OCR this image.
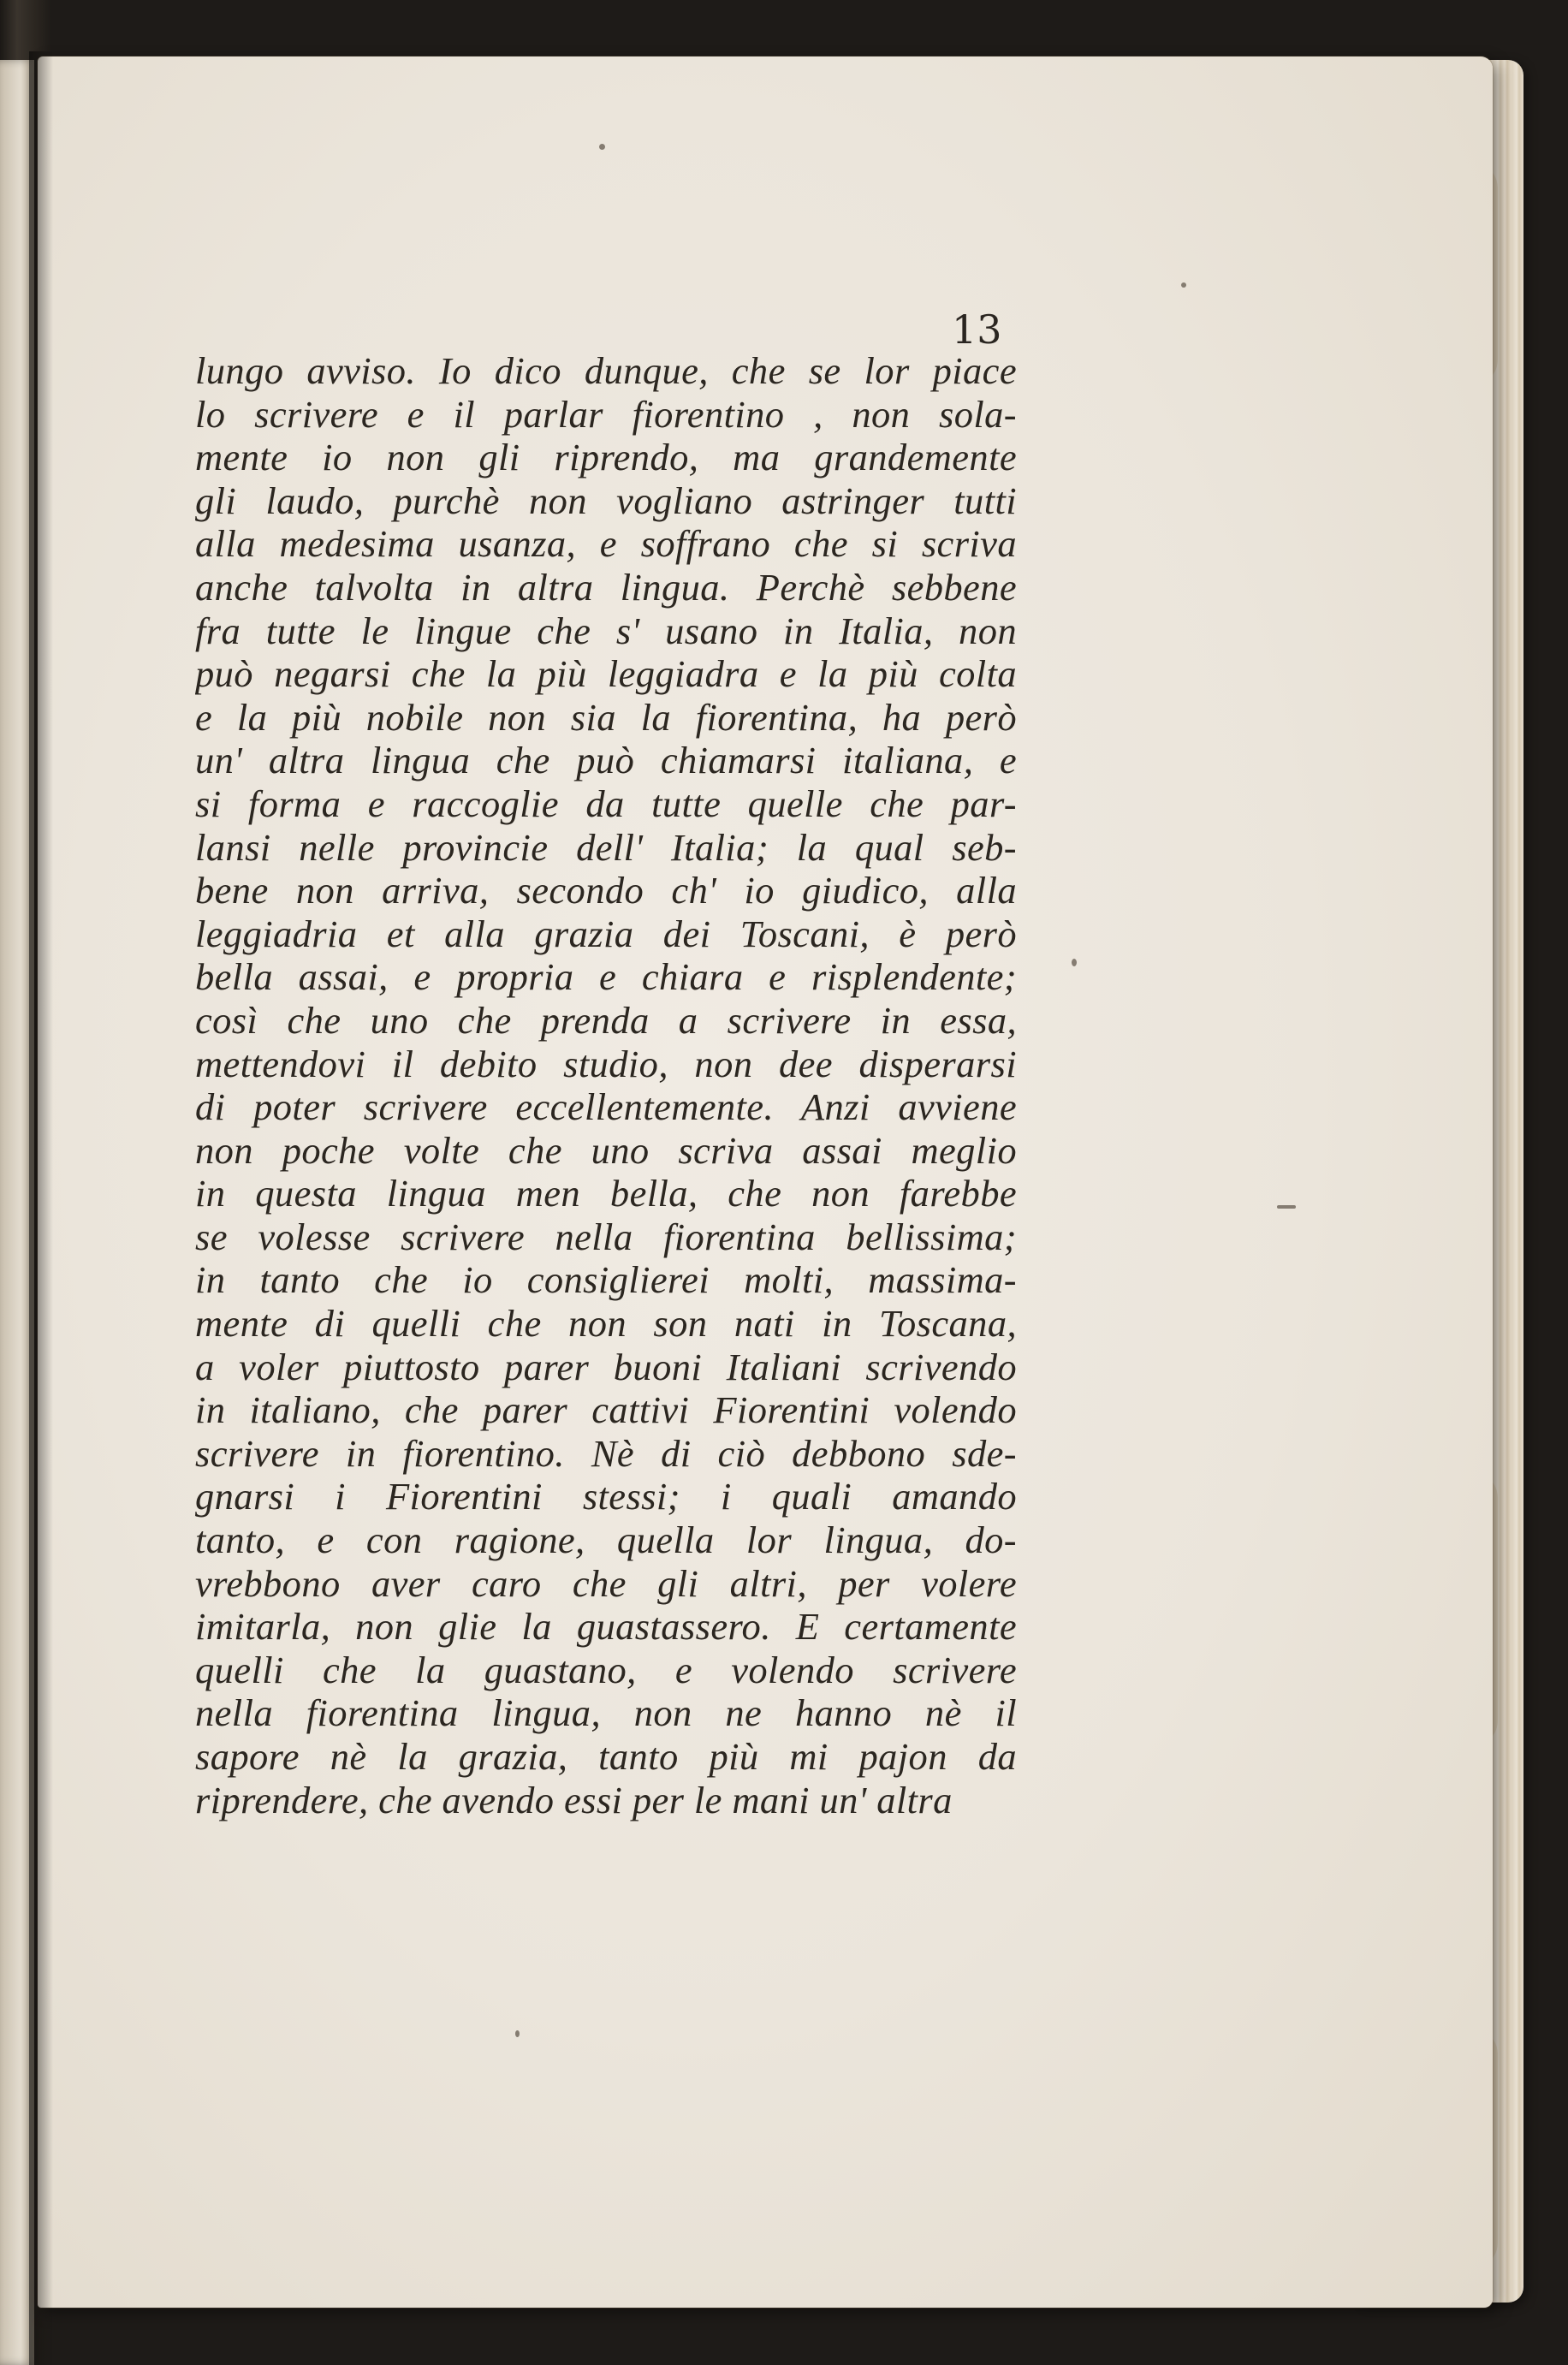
13
lungo avviso. Io dico dunque, che se lor piace
lo scrivere e il parlar fiorentino , non sola-
mente io non gli riprendo, ma grandemente
gli laudo, purchè non vogliano astringer tutti
alla medesima usanza, e soffrano che si scriva
anche talvolta in altra lingua. Perchè sebbene
fra tutte le lingue che s' usano in Italia, non
può negarsi che la più leggiadra e la più colta
e la più nobile non sia la fiorentina, ha però
un' altra lingua che può chiamarsi italiana, e
si forma e raccoglie da tutte quelle che par-
lansi nelle provincie dell' Italia; la qual seb-
bene non arriva, secondo ch' io giudico, alla
leggiadria et alla grazia dei Toscani, è però
bella assai, e propria e chiara e risplendente;
così che uno che prenda a scrivere in essa,
mettendovi il debito studio, non dee disperarsi
di poter scrivere eccellentemente. Anzi avviene
non poche volte che uno scriva assai meglio
in questa lingua men bella, che non farebbe
se volesse scrivere nella fiorentina bellissima;
in tanto che io consiglierei molti, massima-
mente di quelli che non son nati in Toscana,
a voler piuttosto parer buoni Italiani scrivendo
in italiano, che parer cattivi Fiorentini volendo
scrivere in fiorentino. Nè di ciò debbono sde-
gnarsi i Fiorentini stessi; i quali amando
tanto, e con ragione, quella lor lingua, do-
vrebbono aver caro che gli altri, per volere
imitarla, non glie la guastassero. E certamente
quelli che la guastano, e volendo scrivere
nella fiorentina lingua, non ne hanno nè il
sapore nè la grazia, tanto più mi pajon da
riprendere, che avendo essi per le mani un' altra
